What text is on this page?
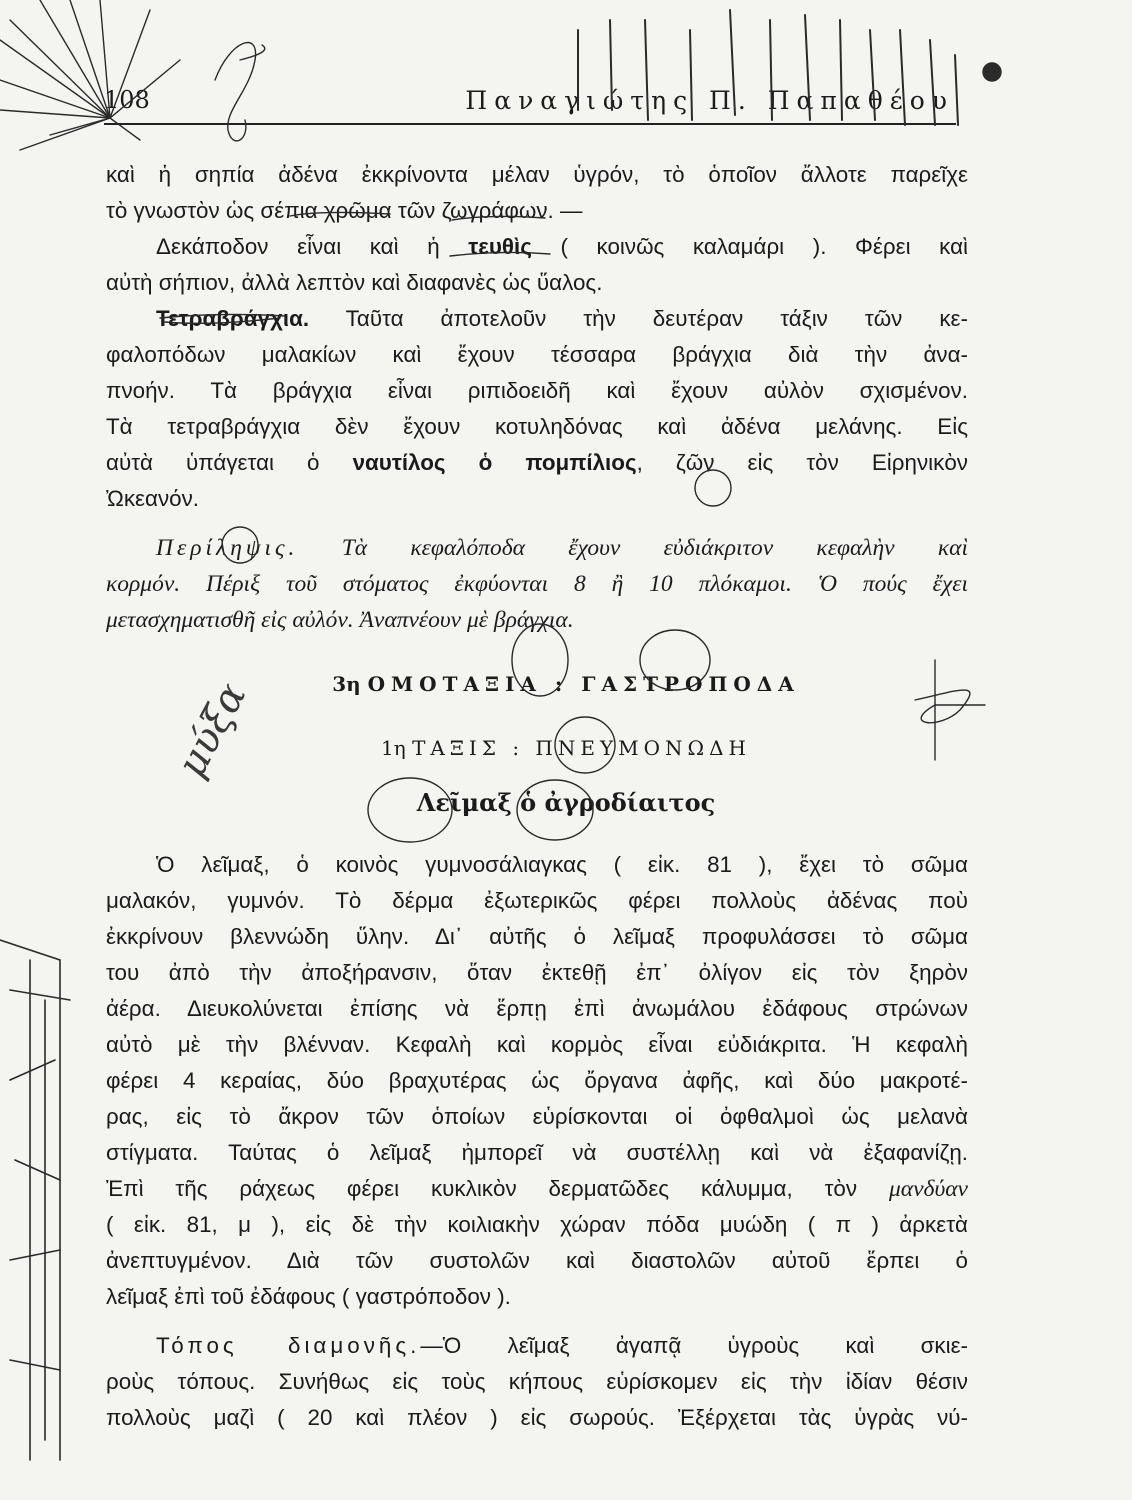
108	Παναγιώτης Π. Παπαθέου
καὶ ἡ σηπία ἀδένα ἐκκρίνοντα μέλαν ὑγρόν, τὸ ὁποῖον ἄλλοτε παρεῖχε
τὸ γνωστὸν ὡς σέπια χρῶμα τῶν ζωγράφων. —
Δεκάποδον εἶναι καὶ ἡ τευθὶς ( κοινῶς καλαμάρι ). Φέρει καὶ
αὐτὴ σήπιον, ἀλλὰ λεπτὸν καὶ διαφανὲς ὡς ὕαλος.
Τετραβράγχια. Ταῦτα ἀποτελοῦν τὴν δευτέραν τάξιν τῶν κε-
φαλοπόδων μαλακίων καὶ ἔχουν τέσσαρα βράγχια διὰ τὴν ἀνα-
πνοήν. Τὰ βράγχια εἶναι ριπιδοειδῆ καὶ ἔχουν αὐλὸν σχισμένον.
Τὰ τετραβράγχια δὲν ἔχουν κοτυληδόνας καὶ ἀδένα μελάνης. Εἰς
αὐτὰ ὑπάγεται ὁ ναυτίλος ὁ πομπίλιος, ζῶν εἰς τὸν Εἰρηνικὸν
Ὠκεανόν.
Περίληψις. Τὰ κεφαλόποδα ἔχουν εὐδιάκριτον κεφαλὴν καὶ
κορμόν. Πέριξ τοῦ στόματος ἐκφύονται 8 ἢ 10 πλόκαμοι. Ὁ πούς ἔχει
μετασχηματισθῆ εἰς αὐλόν. Ἀναπνέουν μὲ βράγχια.
3η ΟΜΟΤΑΞΙΑ : ΓΑΣΤΡΟΠΟΔΑ
1η ΤΑΞΙΣ : ΠΝΕΥΜΟΝΩΔΗ
Λεῖμαξ ὁ ἀγροδίαιτος
Ὁ λεῖμαξ, ὁ κοινὸς γυμνοσάλιαγκας ( εἰκ. 81 ), ἔχει τὸ σῶμα
μαλακόν, γυμνόν. Τὸ δέρμα ἐξωτερικῶς φέρει πολλοὺς ἀδένας ποὺ
ἐκκρίνουν βλεννώδη ὕλην. Δι᾽ αὐτῆς ὁ λεῖμαξ προφυλάσσει τὸ σῶμα
του ἀπὸ τὴν ἀποξήρανσιν, ὅταν ἐκτεθῇ ἐπ᾽ ὀλίγον εἰς τὸν ξηρὸν
ἀέρα. Διευκολύνεται ἐπίσης νὰ ἕρπῃ ἐπὶ ἀνωμάλου ἐδάφους στρώνων
αὐτὸ μὲ τὴν βλένναν. Κεφαλὴ καὶ κορμὸς εἶναι εὐδιάκριτα. Ἡ κεφαλὴ
φέρει 4 κεραίας, δύο βραχυτέρας ὡς ὄργανα ἀφῆς, καὶ δύο μακροτέ-
ρας, εἰς τὸ ἄκρον τῶν ὁποίων εὑρίσκονται οἱ ὀφθαλμοὶ ὡς μελανὰ
στίγματα. Ταύτας ὁ λεῖμαξ ἠμπορεῖ νὰ συστέλλῃ καὶ νὰ ἐξαφανίζῃ.
Ἐπὶ τῆς ράχεως φέρει κυκλικὸν δερματῶδες κάλυμμα, τὸν μανδύαν
( εἰκ. 81, μ ), εἰς δὲ τὴν κοιλιακὴν χώραν πόδα μυώδη ( π ) ἀρκετὰ
ἀνεπτυγμένον. Διὰ τῶν συστολῶν καὶ διαστολῶν αὐτοῦ ἕρπει ὁ
λεῖμαξ ἐπὶ τοῦ ἐδάφους ( γαστρόποδον ).
Τόπος διαμονῆς.—Ὁ λεῖμαξ ἀγαπᾷ ὑγροὺς καὶ σκιε-
ροὺς τόπους. Συνήθως εἰς τοὺς κήπους εὑρίσκομεν εἰς τὴν ἰδίαν θέσιν
πολλοὺς μαζὶ ( 20 καὶ πλέον ) εἰς σωρούς. Ἐξέρχεται τὰς ὑγρὰς νύ-
μύξα
